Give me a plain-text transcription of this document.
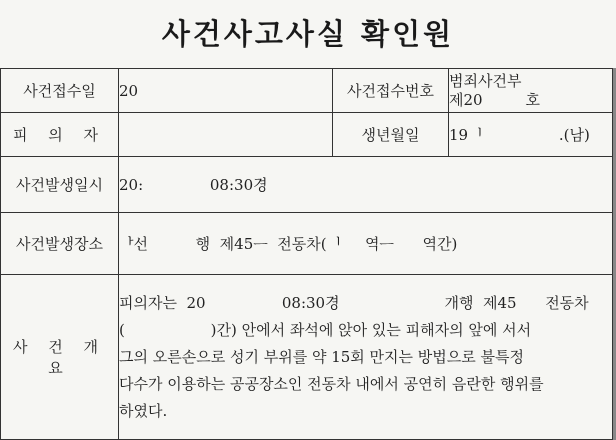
사건사고사실 확인원
사건접수일	20	사건접수번호	범죄사건부
제20         호

피 의 자		생년월일	19ᅵ                .(남)
사건발생일시	20:              08:30경		
사건발생장소	ᅡ선          행  제45ᅳ  전동차(ᅵ     역ᅳ      역간)		
사 건 개 요	피의자는  20                08:30경                      개행  제45      전동차
(                  )간) 안에서 좌석에 앉아 있는 피해자의 앞에 서서
그의 오른손으로 성기 부위를 약 15회 만지는 방법으로 불특정
다수가 이용하는 공공장소인 전동차 내에서 공연히 음란한 행위를
하였다.		
